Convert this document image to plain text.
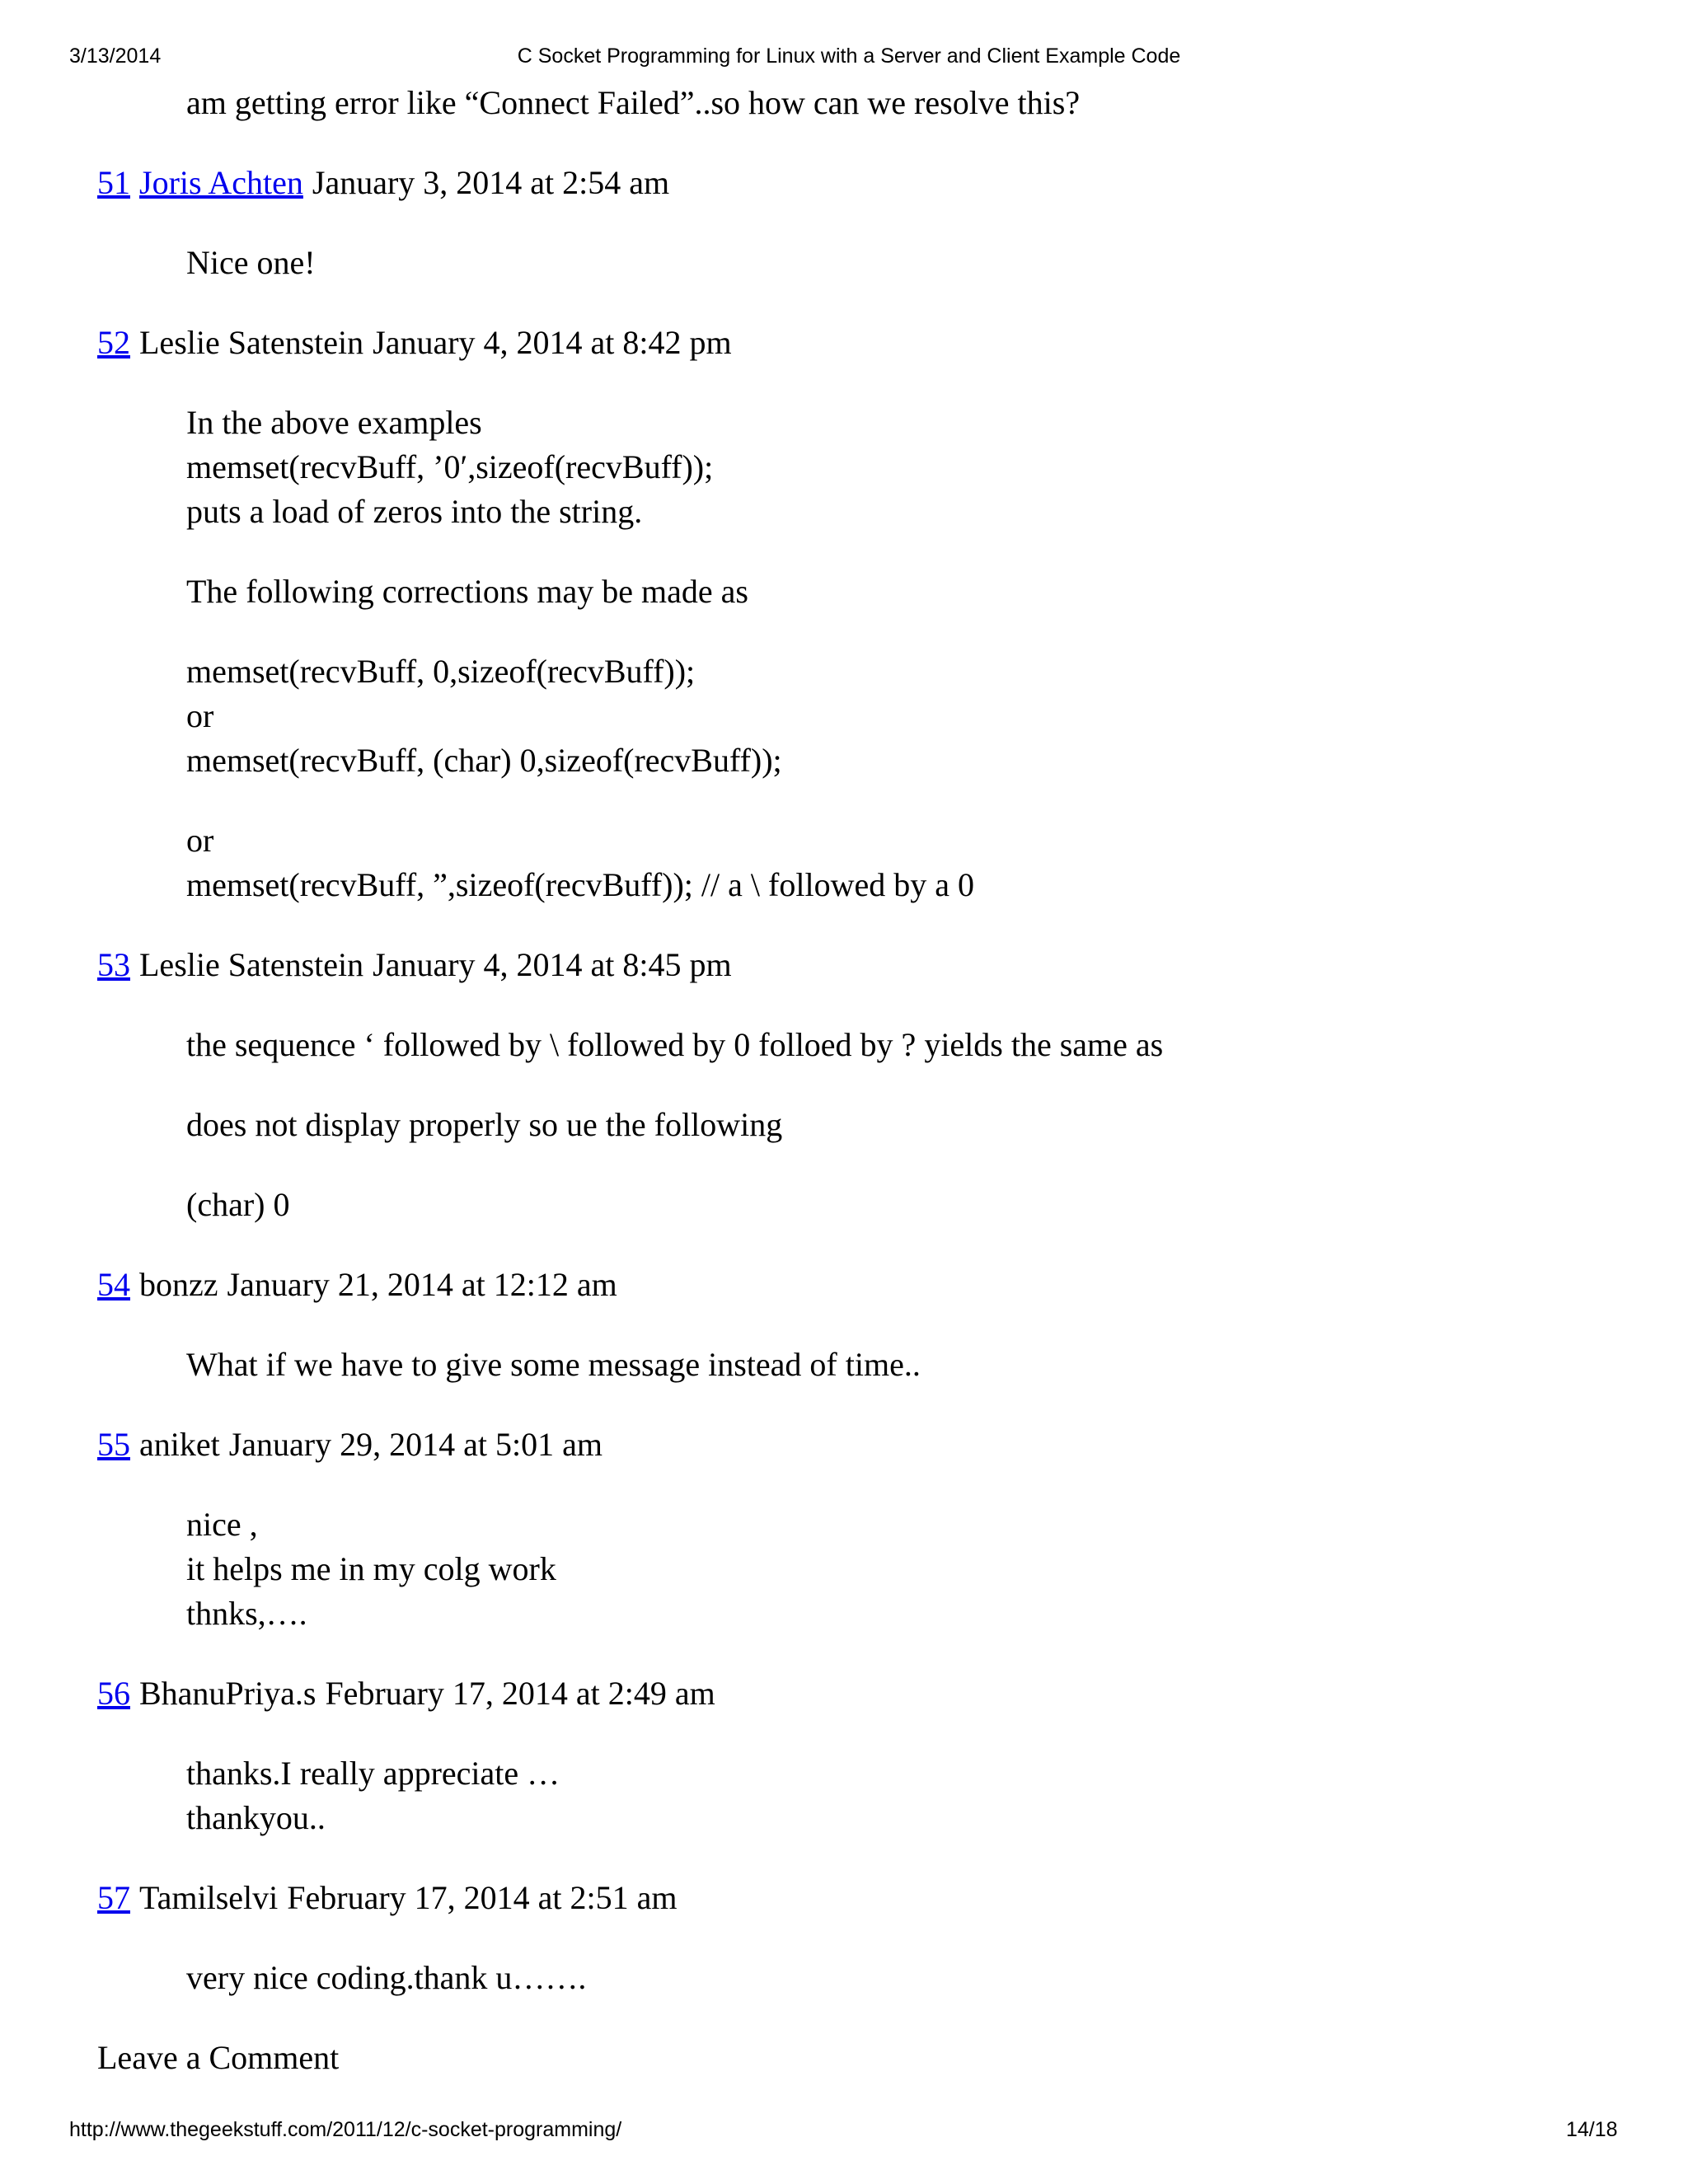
3/13/2014	C Socket Programming for Linux with a Server and Client Example Code
am getting error like “Connect Failed”..so how can we resolve this?
51 Joris Achten January 3, 2014 at 2:54 am
Nice one!
52 Leslie Satenstein January 4, 2014 at 8:42 pm
In the above examples
memset(recvBuff, ’0′,sizeof(recvBuff));
puts a load of zeros into the string.
The following corrections may be made as
memset(recvBuff, 0,sizeof(recvBuff));
or
memset(recvBuff, (char) 0,sizeof(recvBuff));
or
memset(recvBuff, ”,sizeof(recvBuff)); // a \ followed by a 0
53 Leslie Satenstein January 4, 2014 at 8:45 pm
the sequence ‘ followed by \ followed by 0 folloed by ? yields the same as
does not display properly so ue the following
(char) 0
54 bonzz January 21, 2014 at 12:12 am
What if we have to give some message instead of time..
55 aniket January 29, 2014 at 5:01 am
nice ,
it helps me in my colg work
thnks,….
56 BhanuPriya.s February 17, 2014 at 2:49 am
thanks.I really appreciate …
thankyou..
57 Tamilselvi February 17, 2014 at 2:51 am
very nice coding.thank u…….
Leave a Comment
http://www.thegeekstuff.com/2011/12/c-socket-programming/	14/18
